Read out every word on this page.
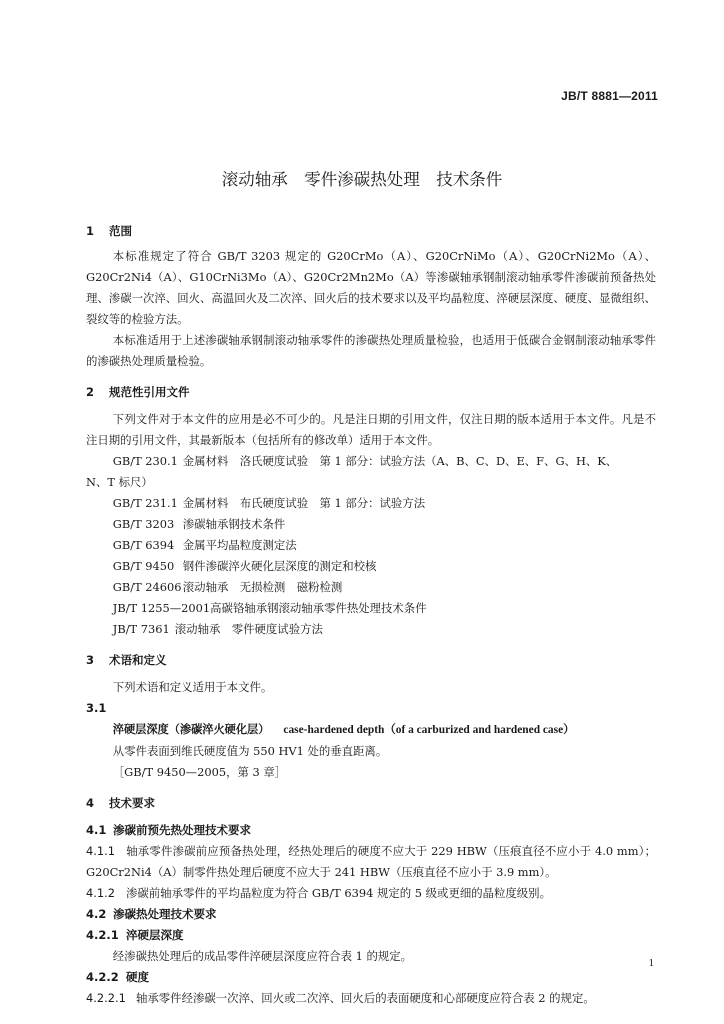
JB/T 8881—2011
滚动轴承　零件渗碳热处理　技术条件
1 范围

本标准规定了符合 GB/T 3203 规定的 G20CrMo（A）、G20CrNiMo（A）、G20CrNi2Mo（A）、G20Cr2Ni4（A）、G10CrNi3Mo（A）、G20Cr2Mn2Mo（A）等渗碳轴承钢制滚动轴承零件渗碳前预备热处理、渗碳一次淬、回火、高温回火及二次淬、回火后的技术要求以及平均晶粒度、淬硬层深度、硬度、显微组织、裂纹等的检验方法。

本标准适用于上述渗碳轴承钢制滚动轴承零件的渗碳热处理质量检验，也适用于低碳合金钢制滚动轴承零件的渗碳热处理质量检验。

2 规范性引用文件

下列文件对于本文件的应用是必不可少的。凡是注日期的引用文件，仅注日期的版本适用于本文件。凡是不注日期的引用文件，其最新版本（包括所有的修改单）适用于本文件。

GB/T 230.1 金属材料　洛氏硬度试验　第 1 部分：试验方法（A、B、C、D、E、F、G、H、K、
N、T 标尺）

GB/T 231.1 金属材料　布氏硬度试验　第 1 部分：试验方法

GB/T 3203 渗碳轴承钢技术条件

GB/T 6394 金属平均晶粒度测定法

GB/T 9450 钢件渗碳淬火硬化层深度的测定和校核

GB/T 24606滚动轴承　无损检测　磁粉检测

JB/T 1255—2001高碳铬轴承钢滚动轴承零件热处理技术条件

JB/T 7361 滚动轴承　零件硬度试验方法

3 术语和定义

下列术语和定义适用于本文件。

3.1

淬硬层深度（渗碳淬火硬化层） case-hardened depth（of a carburized and hardened case）

从零件表面到维氏硬度值为 550 HV1 处的垂直距离。

［GB/T 9450—2005，第 3 章］

4 技术要求
4.1 渗碳前预先热处理技术要求

4.1.1 轴承零件渗碳前应预备热处理，经热处理后的硬度不应大于 229 HBW（压痕直径不应小于 4.0 mm）；G20Cr2Ni4（A）制零件热处理后硬度不应大于 241 HBW（压痕直径不应小于 3.9 mm）。

4.1.2 渗碳前轴承零件的平均晶粒度为符合 GB/T 6394 规定的 5 级或更细的晶粒度级别。

4.2 渗碳热处理技术要求
4.2.1 淬硬层深度

经渗碳热处理后的成品零件淬硬层深度应符合表 1 的规定。

4.2.2 硬度

4.2.2.1 轴承零件经渗碳一次淬、回火或二次淬、回火后的表面硬度和心部硬度应符合表 2 的规定。

1
